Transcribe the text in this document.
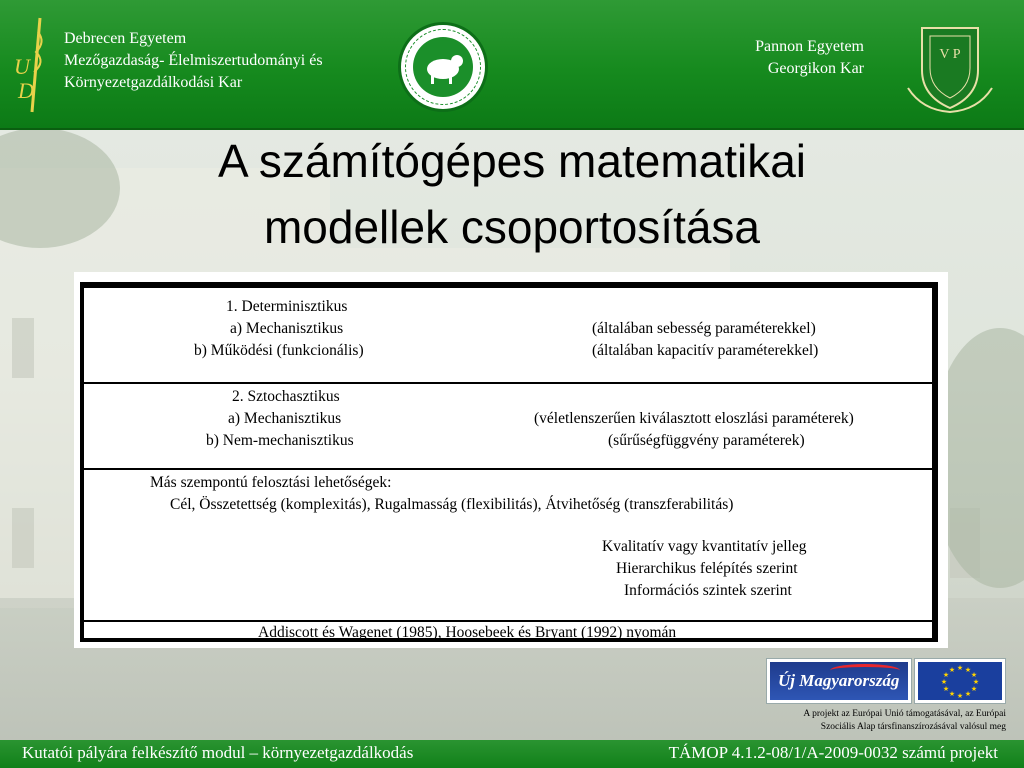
U
D
Debrecen Egyetem
Mezőgazdaság- Élelmiszertudományi és
Környezetgazdálkodási Kar
Pannon Egyetem
Georgikon Kar
V P
A számítógépes matematikai
modellek csoportosítása
1. Determinisztikus
a) Mechanisztikus
b) Működési (funkcionális)
(általában sebesség paraméterekkel)
(általában kapacitív paraméterekkel)
2. Sztochasztikus
a) Mechanisztikus
b) Nem-mechanisztikus
(véletlenszerűen kiválasztott eloszlási paraméterek)
(sűrűségfüggvény paraméterek)
Más szempontú felosztási lehetőségek:
Cél, Összetettség (komplexitás), Rugalmasság (flexibilitás), Átvihetőség (transzferabilitás)
Kvalitatív vagy kvantitatív jelleg
Hierarchikus felépítés szerint
Információs szintek szerint
Addiscott és Wagenet (1985), Hoosebeek és Bryant (1992) nyomán
Új Magyarország
★ ★
★
★
★
★
★
★
★
★
★
★
A projekt az Európai Unió támogatásával, az Európai
Szociális Alap társfinanszírozásával valósul meg
Kutatói pályára felkészítő modul – környezetgazdálkodás	TÁMOP 4.1.2-08/1/A-2009-0032 számú projekt
